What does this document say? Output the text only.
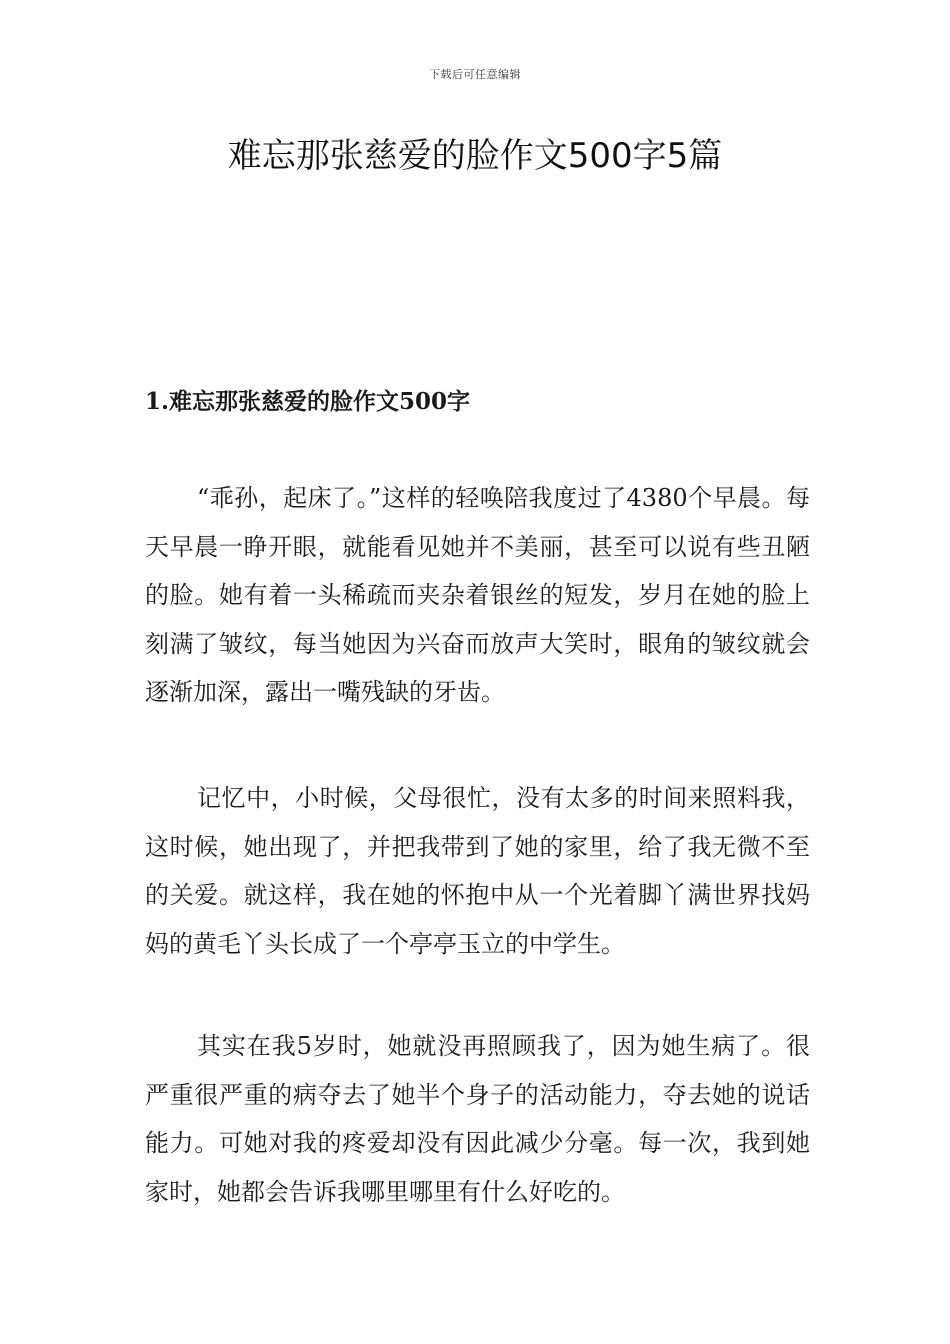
下载后可任意编辑
难忘那张慈爱的脸作文500字5篇
1.难忘那张慈爱的脸作文500字

“乖孙，起床了。”这样的轻唤陪我度过了4380个早晨。每天早晨一睁开眼，就能看见她并不美丽，甚至可以说有些丑陋的脸。她有着一头稀疏而夹杂着银丝的短发，岁月在她的脸上刻满了皱纹，每当她因为兴奋而放声大笑时，眼角的皱纹就会逐渐加深，露出一嘴残缺的牙齿。

记忆中，小时候，父母很忙，没有太多的时间来照料我，这时候，她出现了，并把我带到了她的家里，给了我无微不至的关爱。就这样，我在她的怀抱中从一个光着脚丫满世界找妈妈的黄毛丫头长成了一个亭亭玉立的中学生。

其实在我5岁时，她就没再照顾我了，因为她生病了。很严重很严重的病夺去了她半个身子的活动能力，夺去她的说话能力。可她对我的疼爱却没有因此减少分毫。每一次，我到她家时，她都会告诉我哪里哪里有什么好吃的。
